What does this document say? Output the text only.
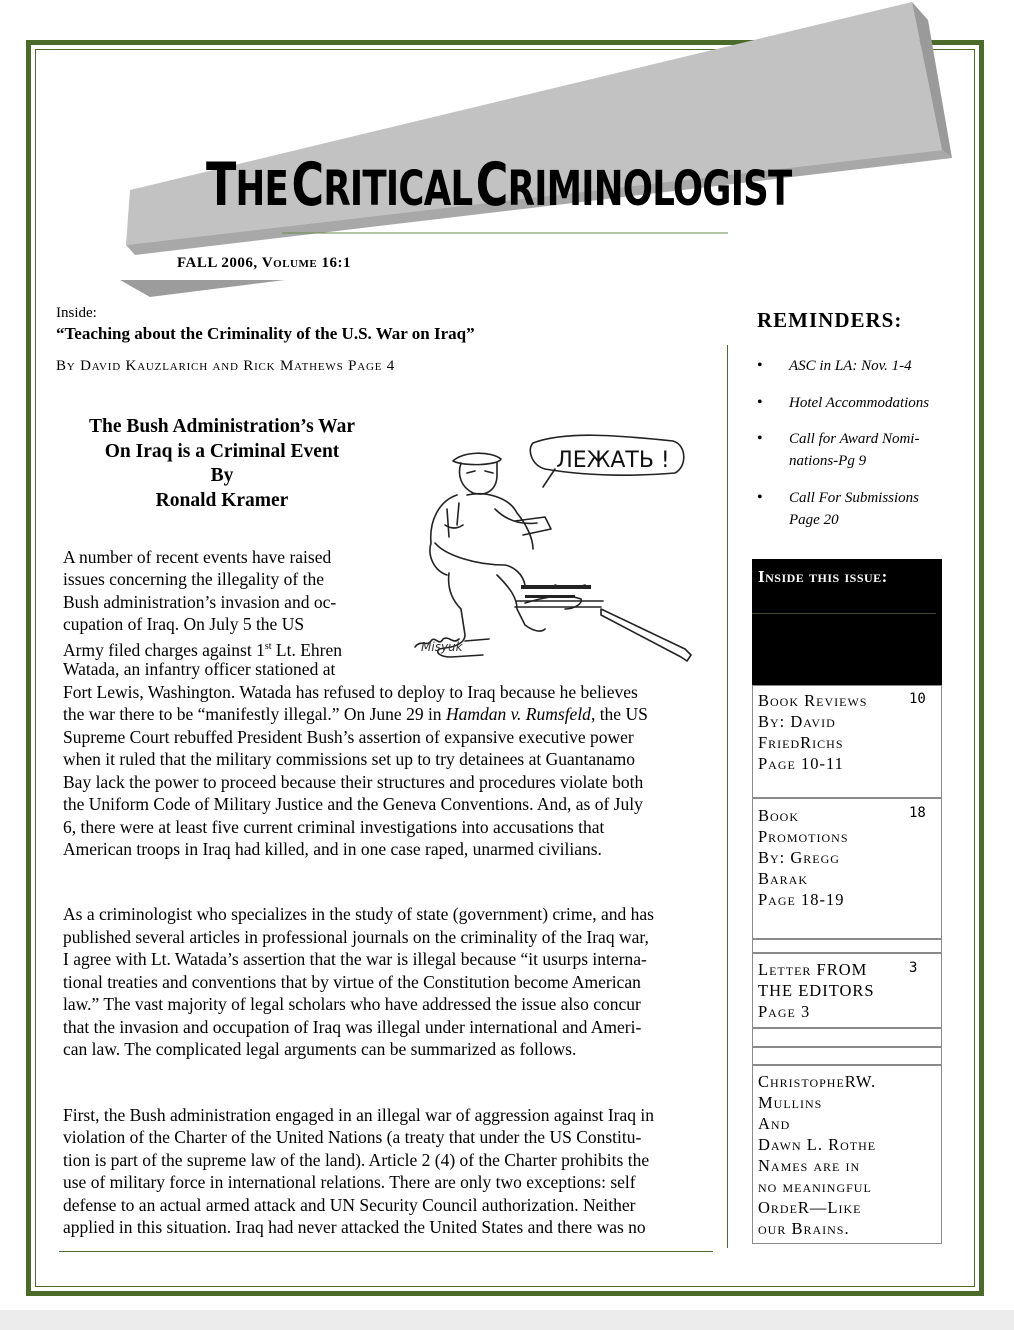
THE CRITICAL CRIMINOLOGIST
FALL 2006, Volume 16:1
Inside:
“Teaching about the Criminality of the U.S. War on Iraq”
By David Kauzlarich and Rick Mathews Page 4
The Bush Administration’s War
On Iraq is a Criminal Event
By
Ronald Kramer
ЛЕЖАТЬ !
Misyuk

A number of recent events have raised

issues concerning the illegality of the

Bush administration’s invasion and oc-

cupation of Iraq. On July 5 the US

Army filed charges against 1st Lt. Ehren

Watada, an infantry officer stationed at

Fort Lewis, Washington. Watada has refused to deploy to Iraq because he believes

the war there to be “manifestly illegal.” On June 29 in Hamdan v. Rumsfeld, the US

Supreme Court rebuffed President Bush’s assertion of expansive executive power

when it ruled that the military commissions set up to try detainees at Guantanamo

Bay lack the power to proceed because their structures and procedures violate both

the Uniform Code of Military Justice and the Geneva Conventions. And, as of July

6, there were at least five current criminal investigations into accusations that

American troops in Iraq had killed, and in one case raped, unarmed civilians.

As a criminologist who specializes in the study of state (government) crime, and has

published several articles in professional journals on the criminality of the Iraq war,

I agree with Lt. Watada’s assertion that the war is illegal because “it usurps interna-

tional treaties and conventions that by virtue of the Constitution become American

law.” The vast majority of legal scholars who have addressed the issue also concur

that the invasion and occupation of Iraq was illegal under international and Ameri-

can law. The complicated legal arguments can be summarized as follows.

First, the Bush administration engaged in an illegal war of aggression against Iraq in

violation of the Charter of the United Nations (a treaty that under the US Constitu-

tion is part of the supreme law of the land). Article 2 (4) of the Charter prohibits the

use of military force in international relations. There are only two exceptions: self

defense to an actual armed attack and UN Security Council authorization. Neither

applied in this situation. Iraq had never attacked the United States and there was no

REMINDERS:
• ASC in LA: Nov. 1-4
• Hotel Accommodations
• Call for Award Nomi-
nations-Pg 9
• Call For Submissions
Page 20
Inside this issue:
Book Reviews
By: David
FriedRichs
Page 10-11
10
Book
Promotions
By: Gregg
Barak
Page 18-19
18
Letter FROM
THE EDITORS
Page 3
3
ChristopheRW.
Mullins
And
Dawn L. Rothe
Names are in
no meaningful
OrdeR—Like
our Brains.
